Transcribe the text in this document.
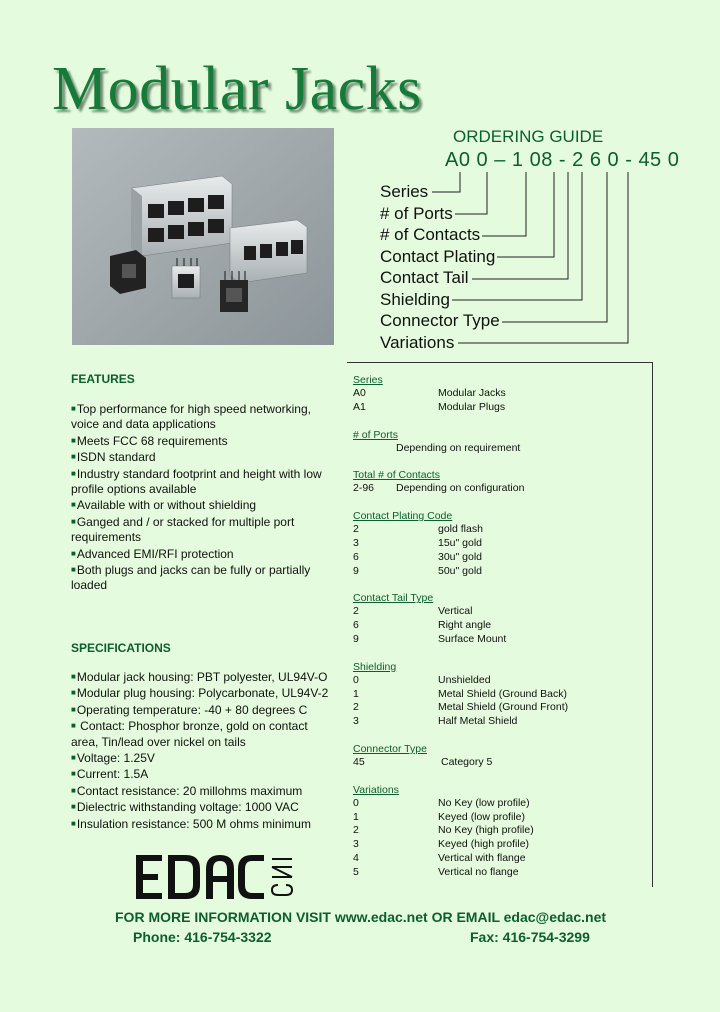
Modular Jacks
ORDERING GUIDE
A0 0 – 1 08 - 2 6 0 - 45 0
Series
# of Ports
# of Contacts
Contact Plating
Contact Tail
Shielding
Connector Type
Variations
FEATURES
■Top performance for high speed networking, voice and data applications
■Meets FCC 68 requirements
■ISDN standard
■Industry standard footprint and height with low profile options available
■Available with or without shielding
■Ganged and / or stacked for multiple port requirements
■Advanced EMI/RFI protection
■Both plugs and jacks can be fully or partially loaded
SPECIFICATIONS
■Modular jack housing: PBT polyester, UL94V-O
■Modular plug housing: Polycarbonate, UL94V-2
■Operating temperature: -40 + 80 degrees C
■ Contact: Phosphor bronze, gold on contact area, Tin/lead over nickel on tails
■Voltage: 1.25V
■Current: 1.5A
■Contact resistance: 20 millohms maximum
■Dielectric withstanding voltage: 1000 VAC
■Insulation resistance: 500 M ohms minimum
Series
A0	Modular Jacks
A1	Modular Plugs
# of Ports
Depending on requirement
Total # of Contacts
2-96 Depending on configuration
Contact Plating Code
2	gold flash
3	15u" gold
6	30u" gold
9	50u" gold
Contact Tail Type
2	Vertical
6	Right angle
9	Surface Mount
Shielding
0	Unshielded
1	Metal Shield (Ground Back)
2	Metal Shield (Ground Front)
3	Half Metal Shield
Connector Type
45	Category 5
Variations
0	No Key (low profile)
1	Keyed (low profile)
2	No Key (high profile)
3	Keyed (high profile)
4	Vertical with flange
5	Vertical no flange
FOR MORE INFORMATION VISIT www.edac.net OR EMAIL edac@edac.net
Phone: 416-754-3322	Fax: 416-754-3299
